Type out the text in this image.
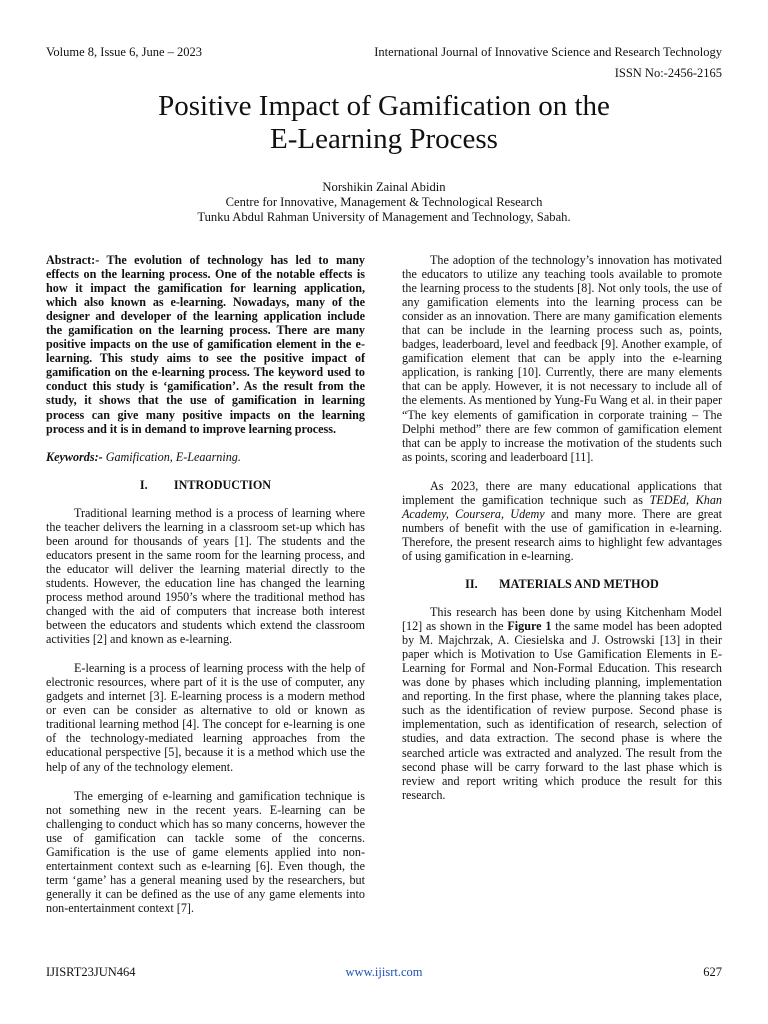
Volume 8, Issue 6, June – 2023	International Journal of Innovative Science and Research Technology
ISSN No:-2456-2165
Positive Impact of Gamification on the
E-Learning Process
Norshikin Zainal Abidin
Centre for Innovative, Management & Technological Research
Tunku Abdul Rahman University of Management and Technology, Sabah.

Abstract:- The evolution of technology has led to many effects on the learning process. One of the notable effects is how it impact the gamification for learning application, which also known as e-learning. Nowadays, many of the designer and developer of the learning application include the gamification on the learning process. There are many positive impacts on the use of gamification element in the e-learning. This study aims to see the positive impact of gamification on the e-learning process. The keyword used to conduct this study is ‘gamification’. As the result from the study, it shows that the use of gamification in learning process can give many positive impacts on the learning process and it is in demand to improve learning process.

Keywords:- Gamification, E-Leaarning.

I. INTRODUCTION

Traditional learning method is a process of learning where the teacher delivers the learning in a classroom set-up which has been around for thousands of years [1]. The students and the educators present in the same room for the learning process, and the educator will deliver the learning material directly to the students. However, the education line has changed the learning process method around 1950’s where the traditional method has changed with the aid of computers that increase both interest between the educators and students which extend the classroom activities [2] and known as e-learning.

E-learning is a process of learning process with the help of electronic resources, where part of it is the use of computer, any gadgets and internet [3]. E-learning process is a modern method or even can be consider as alternative to old or known as traditional learning method [4]. The concept for e-learning is one of the technology-mediated learning approaches from the educational perspective [5], because it is a method which use the help of any of the technology element.

The emerging of e-learning and gamification technique is not something new in the recent years. E-learning can be challenging to conduct which has so many concerns, however the use of gamification can tackle some of the concerns. Gamification is the use of game elements applied into non-entertainment context such as e-learning [6]. Even though, the term ‘game’ has a general meaning used by the researchers, but generally it can be defined as the use of any game elements into non-entertainment context [7].

The adoption of the technology’s innovation has motivated the educators to utilize any teaching tools available to promote the learning process to the students [8]. Not only tools, the use of any gamification elements into the learning process can be consider as an innovation. There are many gamification elements that can be include in the learning process such as, points, badges, leaderboard, level and feedback [9]. Another example, of gamification element that can be apply into the e-learning application, is ranking [10]. Currently, there are many elements that can be apply. However, it is not necessary to include all of the elements. As mentioned by Yung-Fu Wang et al. in their paper “The key elements of gamification in corporate training – The Delphi method” there are few common of gamification element that can be apply to increase the motivation of the students such as points, scoring and leaderboard [11].

As 2023, there are many educational applications that implement the gamification technique such as TEDEd, Khan Academy, Coursera, Udemy and many more. There are great numbers of benefit with the use of gamification in e-learning. Therefore, the present research aims to highlight few advantages of using gamification in e-learning.

II. MATERIALS AND METHOD

This research has been done by using Kitchenham Model [12] as shown in the Figure 1 the same model has been adopted by M. Majchrzak, A. Ciesielska and J. Ostrowski [13] in their paper which is Motivation to Use Gamification Elements in E-Learning for Formal and Non-Formal Education. This research was done by phases which including planning, implementation and reporting. In the first phase, where the planning takes place, such as the identification of review purpose. Second phase is implementation, such as identification of research, selection of studies, and data extraction. The second phase is where the searched article was extracted and analyzed. The result from the second phase will be carry forward to the last phase which is review and report writing which produce the result for this research.

IJISRT23JUN464	www.ijisrt.com	627
